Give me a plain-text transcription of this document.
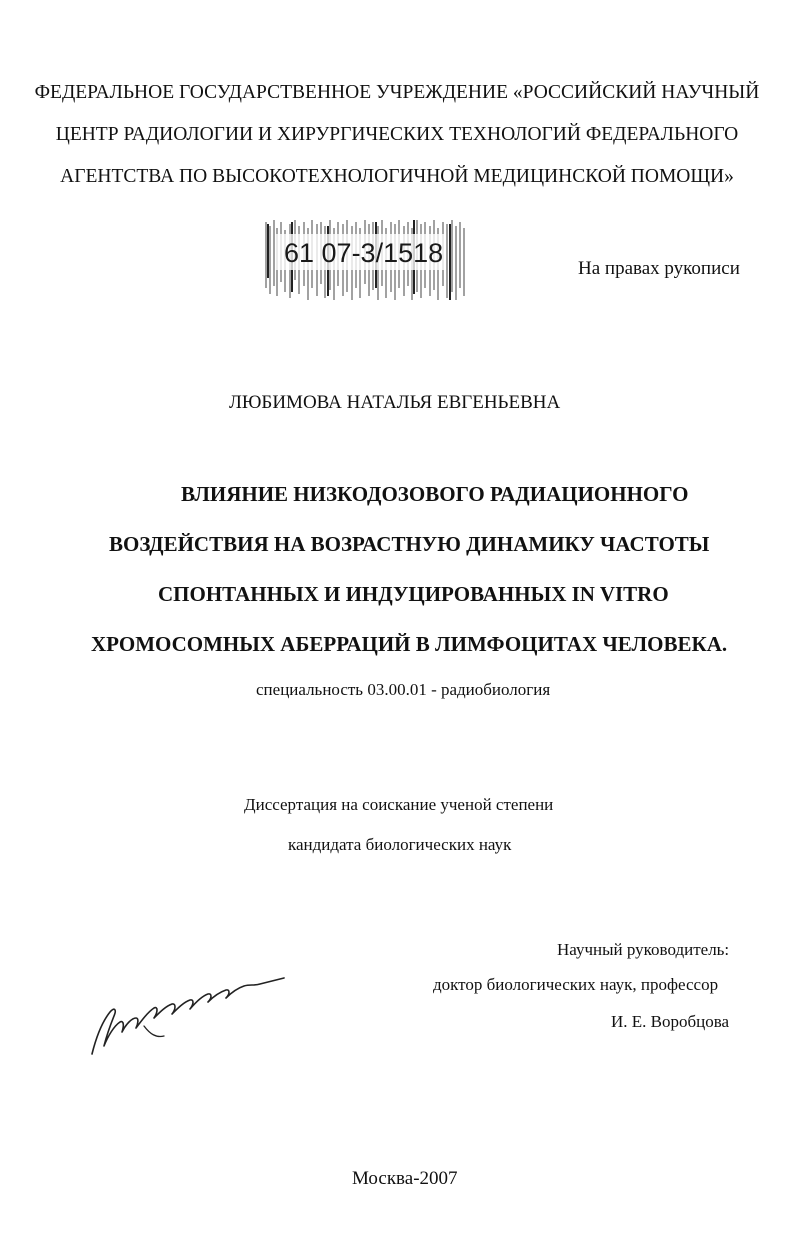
ФЕДЕРАЛЬНОЕ ГОСУДАРСТВЕННОЕ УЧРЕЖДЕНИЕ «РОССИЙСКИЙ НАУЧНЫЙ
ЦЕНТР РАДИОЛОГИИ И ХИРУРГИЧЕСКИХ ТЕХНОЛОГИЙ ФЕДЕРАЛЬНОГО
АГЕНТСТВА ПО ВЫСОКОТЕХНОЛОГИЧНОЙ МЕДИЦИНСКОЙ ПОМОЩИ»
61 07-3/1518
На правах рукописи
ЛЮБИМОВА НАТАЛЬЯ ЕВГЕНЬЕВНА
ВЛИЯНИЕ НИЗКОДОЗОВОГО РАДИАЦИОННОГО
ВОЗДЕЙСТВИЯ НА ВОЗРАСТНУЮ ДИНАМИКУ ЧАСТОТЫ
СПОНТАННЫХ И ИНДУЦИРОВАННЫХ IN VITRO
ХРОМОСОМНЫХ АБЕРРАЦИЙ В ЛИМФОЦИТАХ ЧЕЛОВЕКА.
специальность 03.00.01 - радиобиология
Диссертация на соискание ученой степени
кандидата биологических наук
Научный руководитель:
доктор биологических наук, профессор
И. Е. Воробцова
Москва-2007
